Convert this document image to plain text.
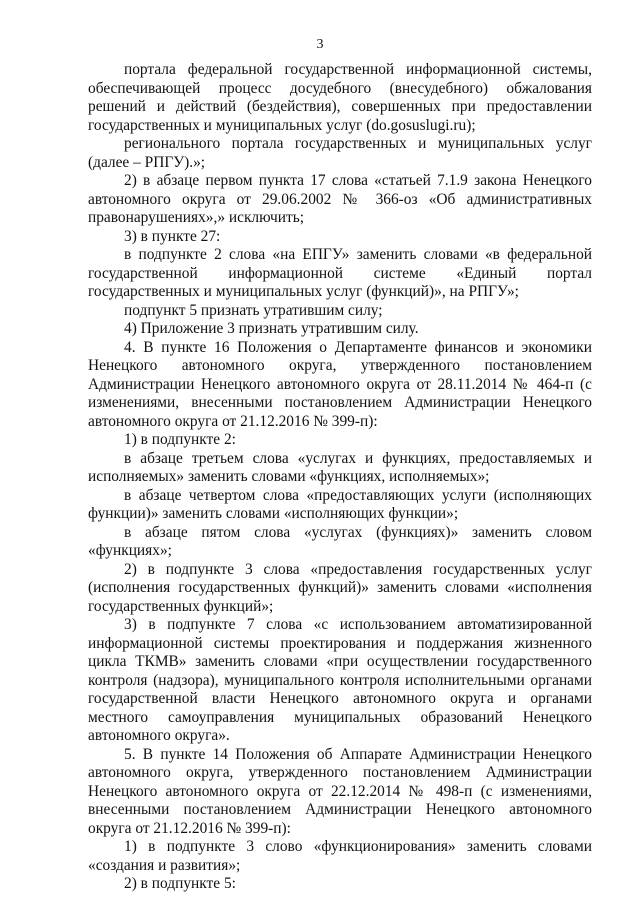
3

портала федеральной государственной информационной системы, обеспечивающей процесс досудебного (внесудебного) обжалования решений и действий (бездействия), совершенных при предоставлении государственных и муниципальных услуг (do.gosuslugi.ru);

регионального портала государственных и муниципальных услуг (далее – РПГУ).»;

2) в абзаце первом пункта 17 слова «статьей 7.1.9 закона Ненецкого автономного округа от 29.06.2002 № 366-оз «Об административных правонарушениях»,» исключить;

3) в пункте 27:

в подпункте 2 слова «на ЕПГУ» заменить словами «в федеральной государственной информационной системе «Единый портал государственных и муниципальных услуг (функций)», на РПГУ»;

подпункт 5 признать утратившим силу;

4) Приложение 3 признать утратившим силу.

4. В пункте 16 Положения о Департаменте финансов и экономики Ненецкого автономного округа, утвержденного постановлением Администрации Ненецкого автономного округа от 28.11.2014 № 464-п (с изменениями, внесенными постановлением Администрации Ненецкого автономного округа от 21.12.2016 № 399-п):

1) в подпункте 2:

в абзаце третьем слова «услугах и функциях, предоставляемых и исполняемых» заменить словами «функциях, исполняемых»;

в абзаце четвертом слова «предоставляющих услуги (исполняющих функции)» заменить словами «исполняющих функции»;

в абзаце пятом слова «услугах (функциях)» заменить словом «функциях»;

2) в подпункте 3 слова «предоставления государственных услуг (исполнения государственных функций)» заменить словами «исполнения государственных функций»;

3) в подпункте 7 слова «с использованием автоматизированной информационной системы проектирования и поддержания жизненного цикла ТКМВ» заменить словами «при осуществлении государственного контроля (надзора), муниципального контроля исполнительными органами государственной власти Ненецкого автономного округа и органами местного самоуправления муниципальных образований Ненецкого автономного округа».

5. В пункте 14 Положения об Аппарате Администрации Ненецкого автономного округа, утвержденного постановлением Администрации Ненецкого автономного округа от 22.12.2014 № 498-п (с изменениями, внесенными постановлением Администрации Ненецкого автономного округа от 21.12.2016 № 399-п):

1) в подпункте 3 слово «функционирования» заменить словами «создания и развития»;

2) в подпункте 5:
